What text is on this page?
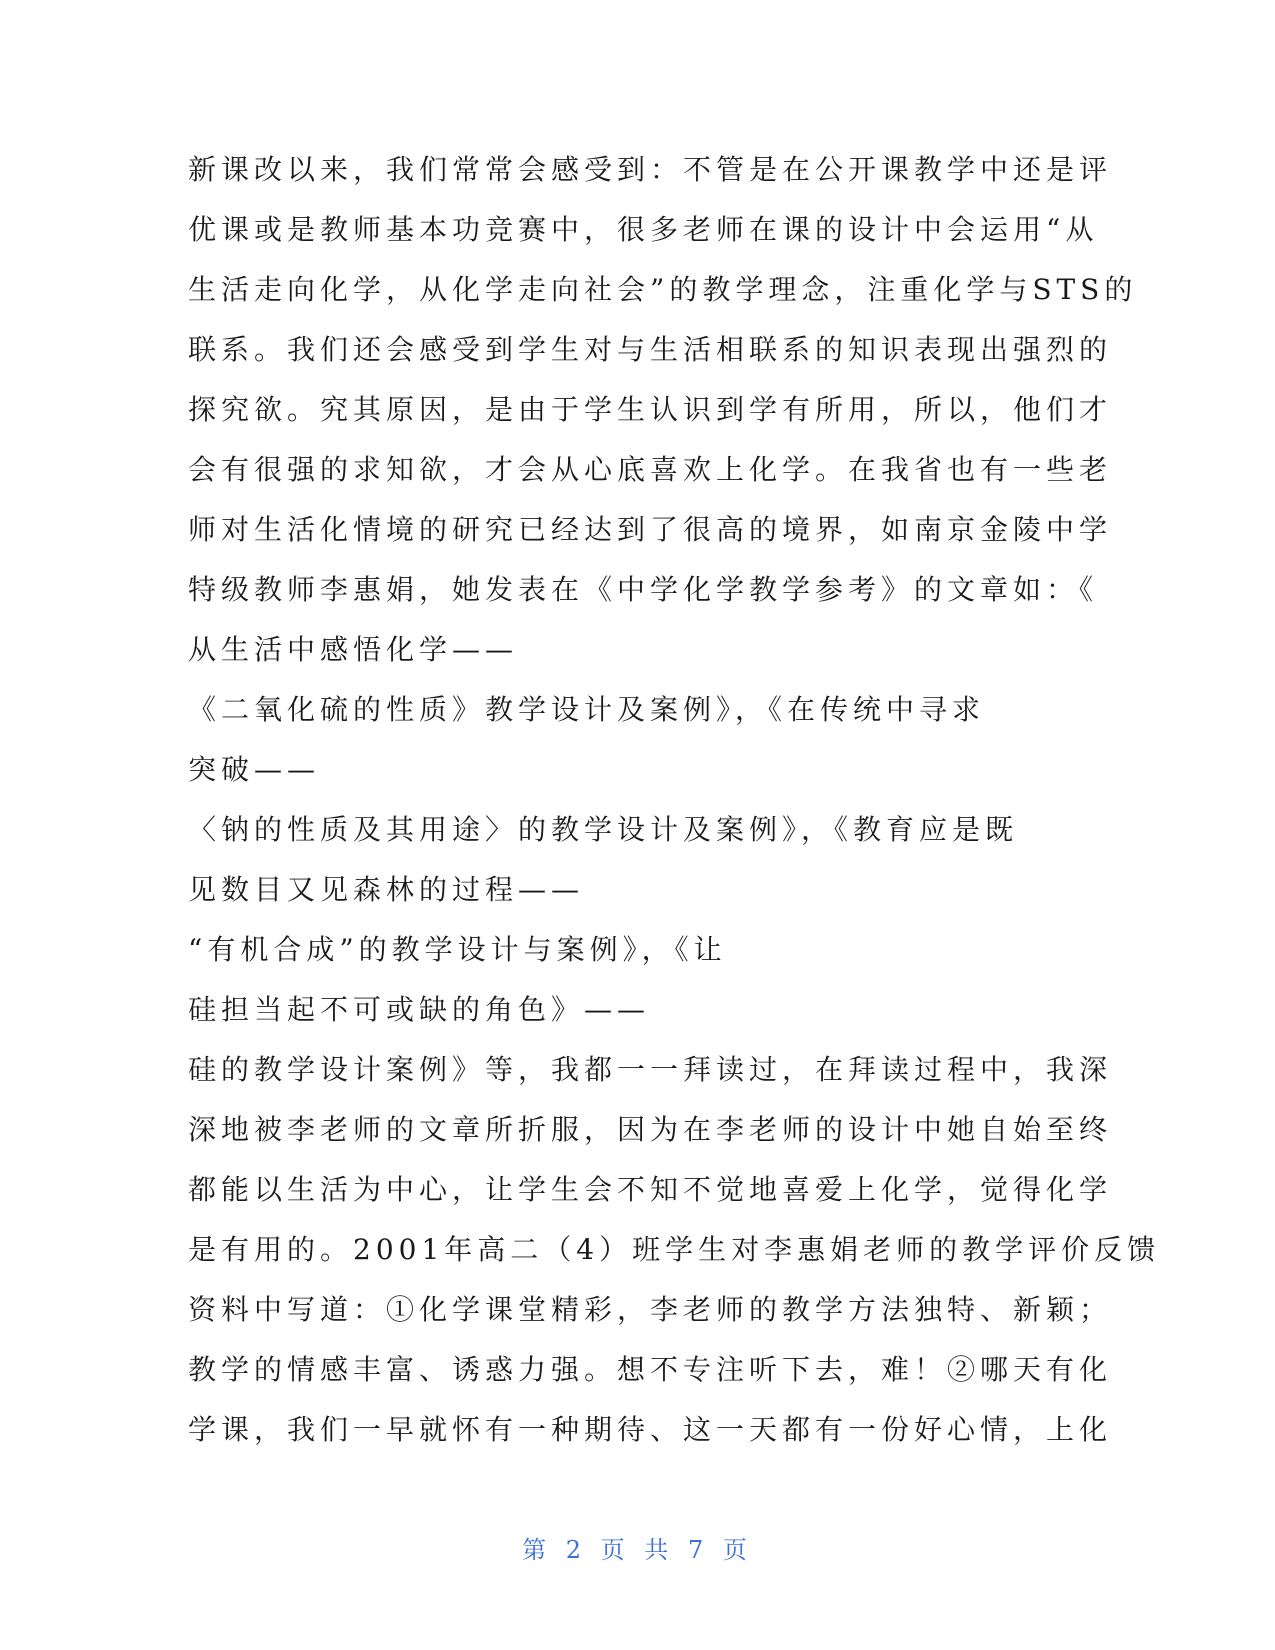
新课改以来，我们常常会感受到：不管是在公开课教学中还是评
优课或是教师基本功竞赛中，很多老师在课的设计中会运用“从
生活走向化学，从化学走向社会”的教学理念，注重化学与STS的
联系。我们还会感受到学生对与生活相联系的知识表现出强烈的
探究欲。究其原因，是由于学生认识到学有所用，所以，他们才
会有很强的求知欲，才会从心底喜欢上化学。在我省也有一些老
师对生活化情境的研究已经达到了很高的境界，如南京金陵中学
特级教师李惠娟，她发表在《中学化学教学参考》的文章如：《
从生活中感悟化学——
《二氧化硫的性质》教学设计及案例》，《在传统中寻求
突破——
〈钠的性质及其用途〉的教学设计及案例》，《教育应是既
见数目又见森林的过程——
“有机合成”的教学设计与案例》，《让
硅担当起不可或缺的角色》——
硅的教学设计案例》等，我都一一拜读过，在拜读过程中，我深
深地被李老师的文章所折服，因为在李老师的设计中她自始至终
都能以生活为中心，让学生会不知不觉地喜爱上化学，觉得化学
是有用的。2001年高二（4）班学生对李惠娟老师的教学评价反馈
资料中写道：①化学课堂精彩，李老师的教学方法独特、新颖；
教学的情感丰富、诱惑力强。想不专注听下去，难！②哪天有化
学课，我们一早就怀有一种期待、这一天都有一份好心情，上化
第 2 页 共 7 页
